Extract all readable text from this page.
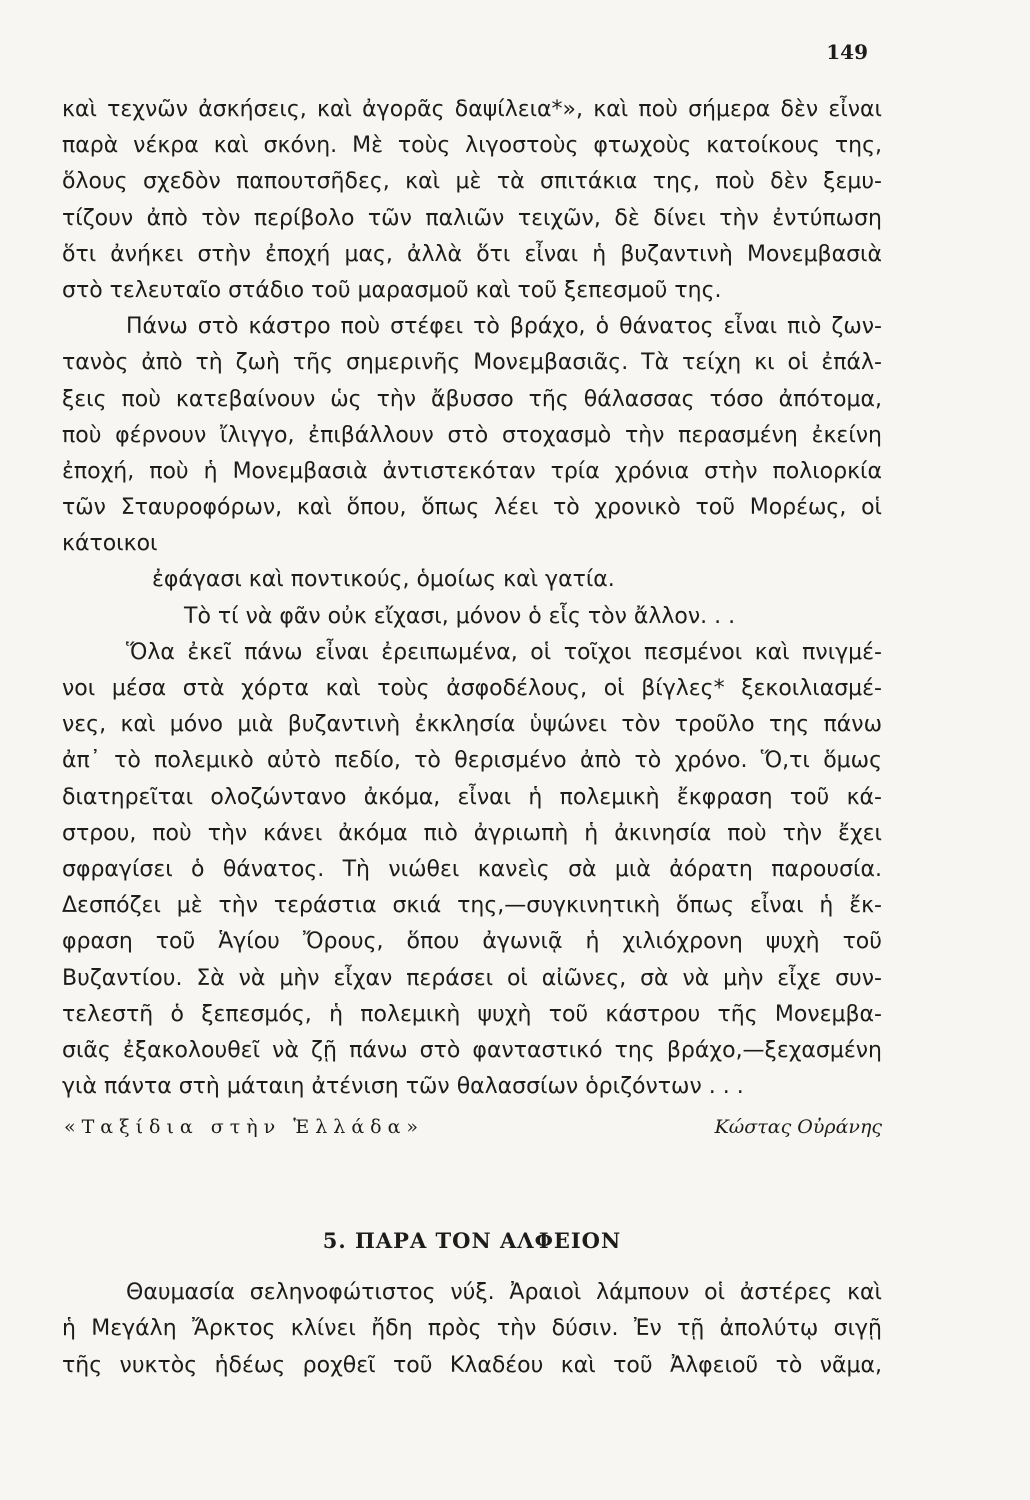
149
καὶ τεχνῶν ἀσκήσεις, καὶ ἀγορᾶς δαψίλεια*», καὶ ποὺ σήμερα δὲν εἶναι
παρὰ νέκρα καὶ σκόνη. Μὲ τοὺς λιγοστοὺς φτωχοὺς κατοίκους της,
ὅλους σχεδὸν παπουτσῆδες, καὶ μὲ τὰ σπιτάκια της, ποὺ δὲν ξεμυ-
τίζουν ἀπὸ τὸν περίβολο τῶν παλιῶν τειχῶν, δὲ δίνει τὴν ἐντύπωση
ὅτι ἀνήκει στὴν ἐποχή μας, ἀλλὰ ὅτι εἶναι ἡ βυζαντινὴ Μονεμβασιὰ
στὸ τελευταῖο στάδιο τοῦ μαρασμοῦ καὶ τοῦ ξεπεσμοῦ της.
Πάνω στὸ κάστρο ποὺ στέφει τὸ βράχο, ὁ θάνατος εἶναι πιὸ ζων-
τανὸς ἀπὸ τὴ ζωὴ τῆς σημερινῆς Μονεμβασιᾶς. Τὰ τείχη κι οἱ ἐπάλ-
ξεις ποὺ κατεβαίνουν ὡς τὴν ἄβυσσο τῆς θάλασσας τόσο ἀπότομα,
ποὺ φέρνουν ἴλιγγο, ἐπιβάλλουν στὸ στοχασμὸ τὴν περασμένη ἐκείνη
ἐποχή, ποὺ ἡ Μονεμβασιὰ ἀντιστεκόταν τρία χρόνια στὴν πολιορκία
τῶν Σταυροφόρων, καὶ ὅπου, ὅπως λέει τὸ χρονικὸ τοῦ Μορέως, οἱ
κάτοικοι
ἐφάγασι καὶ ποντικούς, ὁμοίως καὶ γατία.
Τὸ τί νὰ φᾶν οὐκ εἴχασι, μόνον ὁ εἷς τὸν ἄλλον. . .
Ὅλα ἐκεῖ πάνω εἶναι ἐρειπωμένα, οἱ τοῖχοι πεσμένοι καὶ πνιγμέ-
νοι μέσα στὰ χόρτα καὶ τοὺς ἀσφοδέλους, οἱ βίγλες* ξεκοιλιασμέ-
νες, καὶ μόνο μιὰ βυζαντινὴ ἐκκλησία ὑψώνει τὸν τροῦλο της πάνω
ἀπ᾽ τὸ πολεμικὸ αὐτὸ πεδίο, τὸ θερισμένο ἀπὸ τὸ χρόνο. Ὅ,τι ὅμως
διατηρεῖται ολοζώντανο ἀκόμα, εἶναι ἡ πολεμικὴ ἔκφραση τοῦ κά-
στρου, ποὺ τὴν κάνει ἀκόμα πιὸ ἀγριωπὴ ἡ ἀκινησία ποὺ τὴν ἔχει
σφραγίσει ὁ θάνατος. Τὴ νιώθει κανεὶς σὰ μιὰ ἀόρατη παρουσία.
Δεσπόζει μὲ τὴν τεράστια σκιά της,—συγκινητικὴ ὅπως εἶναι ἡ ἔκ-
φραση τοῦ Ἁγίου Ὄρους, ὅπου ἀγωνιᾷ ἡ χιλιόχρονη ψυχὴ τοῦ
Βυζαντίου. Σὰ νὰ μὴν εἶχαν περάσει οἱ αἰῶνες, σὰ νὰ μὴν εἶχε συν-
τελεστῆ ὁ ξεπεσμός, ἡ πολεμικὴ ψυχὴ τοῦ κάστρου τῆς Μονεμβα-
σιᾶς ἐξακολουθεῖ νὰ ζῇ πάνω στὸ φανταστικό της βράχο,—ξεχασμένη
γιὰ πάντα στὴ μάταιη ἀτένιση τῶν θαλασσίων ὁριζόντων . . .
«Ταξίδια στὴν Ἑλλάδα»	Κώστας Οὐράνης
5. ΠΑΡΑ ΤΟΝ ΑΛΦΕΙΟΝ
Θαυμασία σεληνοφώτιστος νύξ. Ἀραιοὶ λάμπουν οἱ ἀστέρες καὶ
ἡ Μεγάλη Ἄρκτος κλίνει ἤδη πρὸς τὴν δύσιν. Ἐν τῇ ἀπολύτῳ σιγῇ
τῆς νυκτὸς ἡδέως ροχθεῖ τοῦ Κλαδέου καὶ τοῦ Ἀλφειοῦ τὸ νᾶμα,
